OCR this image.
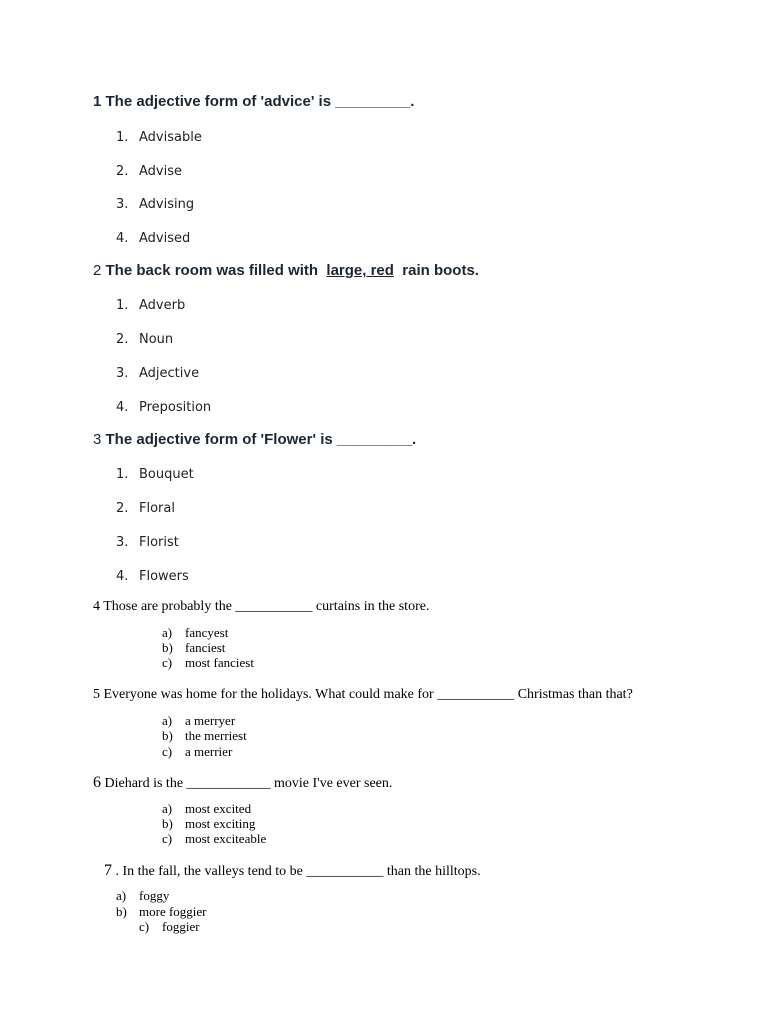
1 The adjective form of 'advice' is _________.
1. Advisable
2. Advise
3. Advising
4. Advised
2 The back room was filled with large, red rain boots.
1. Adverb
2. Noun
3. Adjective
4. Preposition
3 The adjective form of 'Flower' is _________.
1. Bouquet
2. Floral
3. Florist
4. Flowers
4 Those are probably the ___________ curtains in the store.
a) fancyest
b) fanciest
c) most fanciest
5 Everyone was home for the holidays. What could make for ___________ Christmas than that?
a) a merryer
b) the merriest
c) a merrier
6 Diehard is the ____________ movie I've ever seen.
a) most excited
b) most exciting
c) most exciteable
7 . In the fall, the valleys tend to be ___________ than the hilltops.
a) foggy
b) more foggier
c) foggier
